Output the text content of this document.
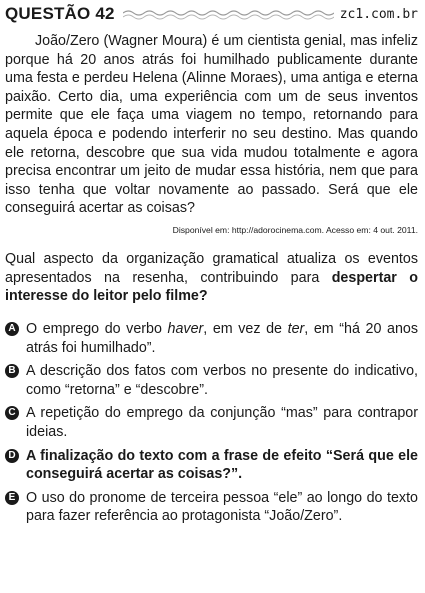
QUESTÃO 42	zc1.com.br

João/Zero (Wagner Moura) é um cientista genial, mas infeliz porque há 20 anos atrás foi humilhado publicamente durante uma festa e perdeu Helena (Alinne Moraes), uma antiga e eterna paixão. Certo dia, uma experiência com um de seus inventos permite que ele faça uma viagem no tempo, retornando para aquela época e podendo interferir no seu destino. Mas quando ele retorna, descobre que sua vida mudou totalmente e agora precisa encontrar um jeito de mudar essa história, nem que para isso tenha que voltar novamente ao passado. Será que ele conseguirá acertar as coisas?

Disponível em: http://adorocinema.com. Acesso em: 4 out. 2011.

Qual aspecto da organização gramatical atualiza os eventos apresentados na resenha, contribuindo para despertar o interesse do leitor pelo filme?

A O emprego do verbo haver, em vez de ter, em “há 20 anos atrás foi humilhado”.
B A descrição dos fatos com verbos no presente do indicativo, como “retorna” e “descobre”.
C A repetição do emprego da conjunção “mas” para contrapor ideias.
D A finalização do texto com a frase de efeito “Será que ele conseguirá acertar as coisas?”.
E O uso do pronome de terceira pessoa “ele” ao longo do texto para fazer referência ao protagonista “João/Zero”.
